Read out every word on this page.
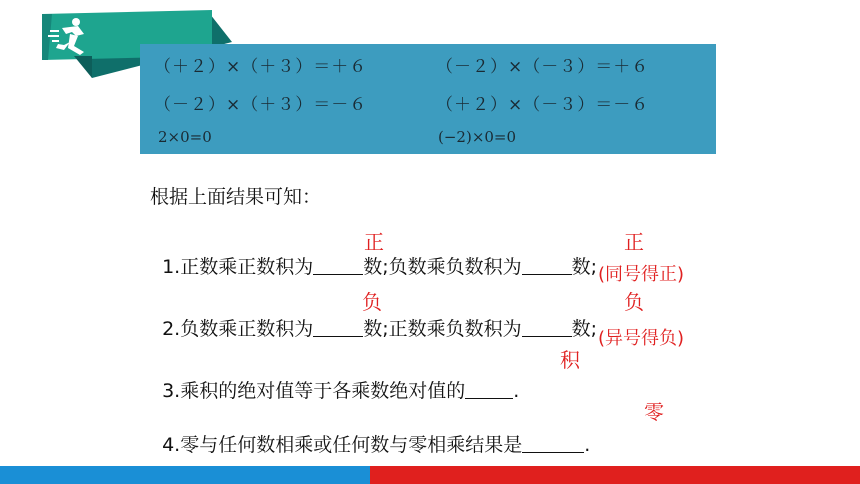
（＋２）×（＋３）＝＋６	（－２）×（－３）＝＋６
（－２）×（＋３）＝－６	（＋２）×（－３）＝－６
2×0=0	(−2)×0=0
根据上面结果可知：

1.正数乘正数积为	数;负数乘负数积为	数;

正	正
(同号得正)

2.负数乘正数积为	数;正数乘负数积为	数;

负	负
(异号得负)

3.乘积的绝对值等于各乘数绝对值的	.

积

4.零与任何数相乘或任何数与零相乘结果是	.

零
